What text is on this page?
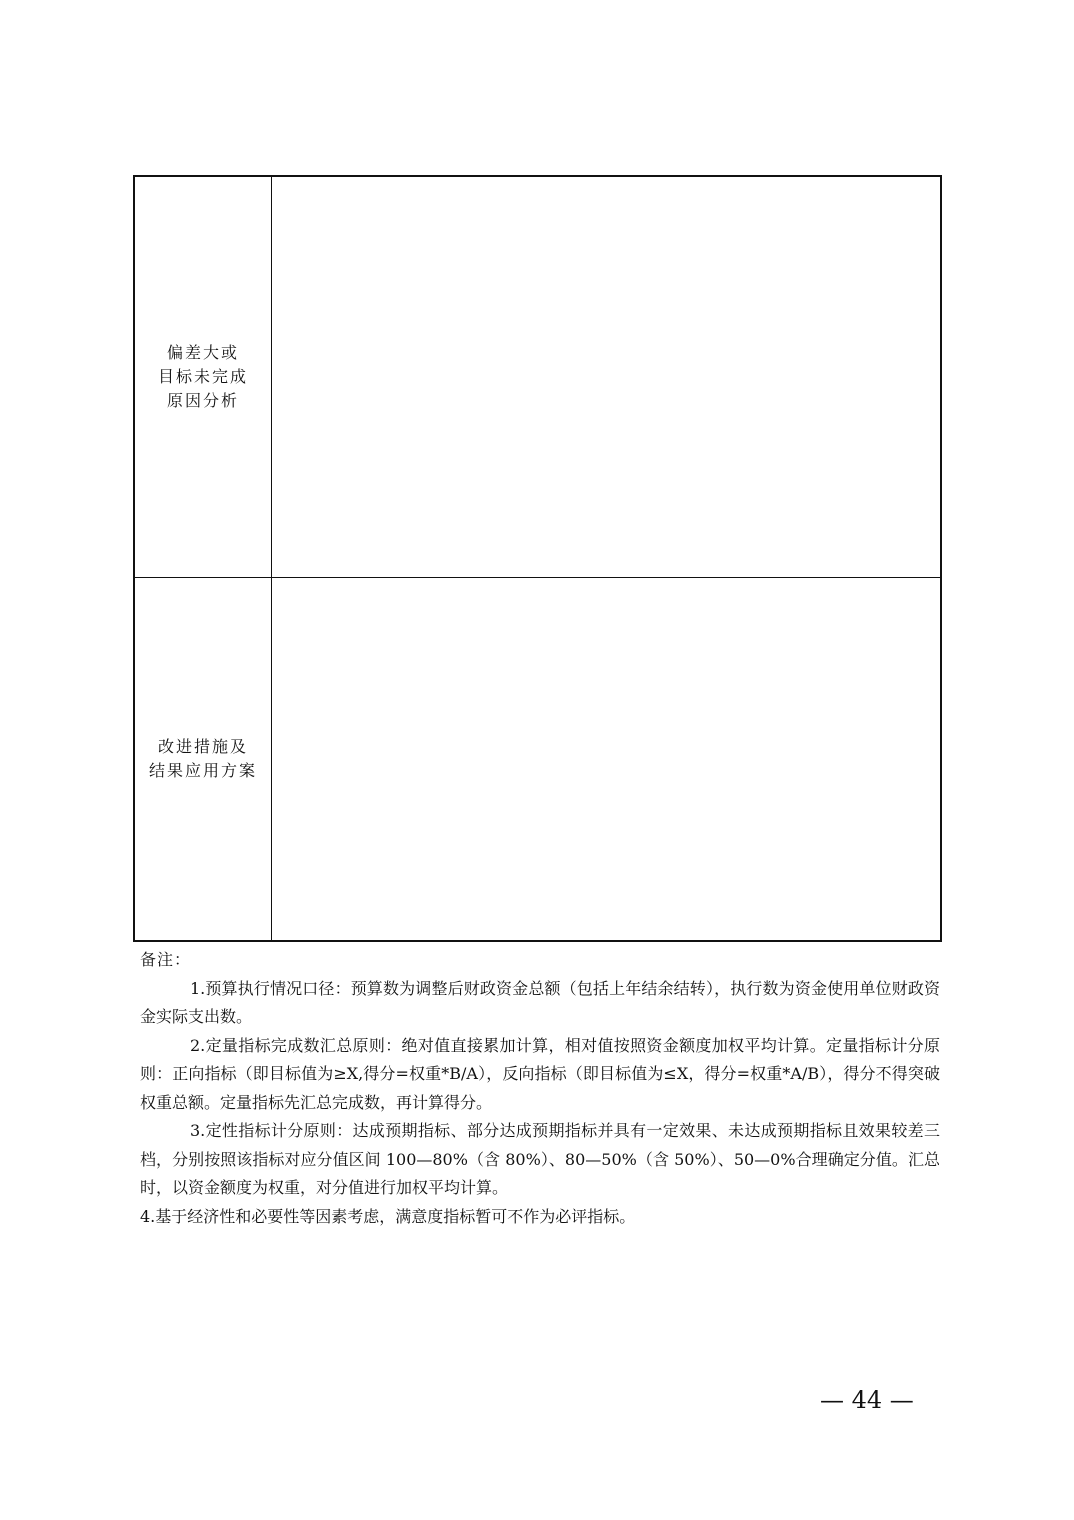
偏差大或
目标未完成
原因分析
改进措施及
结果应用方案

备注：

1.预算执行情况口径：预算数为调整后财政资金总额（包括上年结余结转），执行数为资金使用单位财政资金实际支出数。

2.定量指标完成数汇总原则：绝对值直接累加计算，相对值按照资金额度加权平均计算。定量指标计分原则：正向指标（即目标值为≥X,得分=权重*B/A），反向指标（即目标值为≤X，得分=权重*A/B），得分不得突破权重总额。定量指标先汇总完成数，再计算得分。

3.定性指标计分原则：达成预期指标、部分达成预期指标并具有一定效果、未达成预期指标且效果较差三档，分别按照该指标对应分值区间 100—80%（含 80%）、80—50%（含 50%）、50—0%合理确定分值。汇总时，以资金额度为权重，对分值进行加权平均计算。

4.基于经济性和必要性等因素考虑，满意度指标暂可不作为必评指标。

— 44 —
